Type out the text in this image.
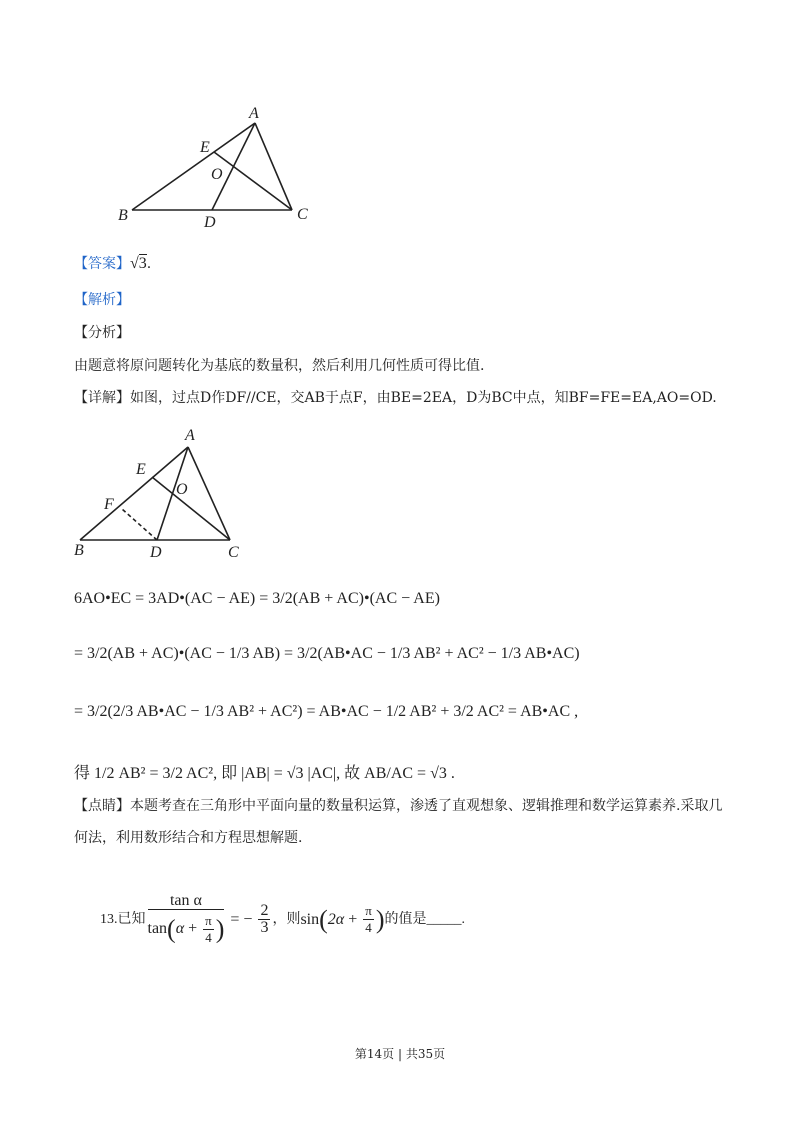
A
E
O
B	D	C
【答案】√3.
【解析】
【分析】
由题意将原问题转化为基底的数量积，然后利用几何性质可得比值.
【详解】如图，过点D作DF//CE，交AB于点F，由BE=2EA，D为BC中点，知BF=FE=EA,AO=OD.
A
E
O
F
B	D	C
6AO•EC = 3AD•(AC − AE) = 3/2(AB + AC)•(AC − AE)
= 3/2(AB + AC)•(AC − 1/3 AB) = 3/2(AB•AC − 1/3 AB² + AC² − 1/3 AB•AC)
= 3/2(2/3 AB•AC − 1/3 AB² + AC²) = AB•AC − 1/2 AB² + 3/2 AC² = AB•AC ,
得 1/2 AB² = 3/2 AC², 即 |AB| = √3 |AC|, 故 AB/AC = √3 .
【点睛】本题考查在三角形中平面向量的数量积运算，渗透了直观想象、逻辑推理和数学运算素养.采取几
何法，利用数形结合和方程思想解题.
13.已知 $\frac{\text{tan α}}{\tan(\alpha + \frac{\pi}{4} )}$ = − $\frac{2}{3}$ ，则 sin ( $2\alpha + \frac{\pi}{4}$ ) 的值是_____.
第14页 | 共35页
